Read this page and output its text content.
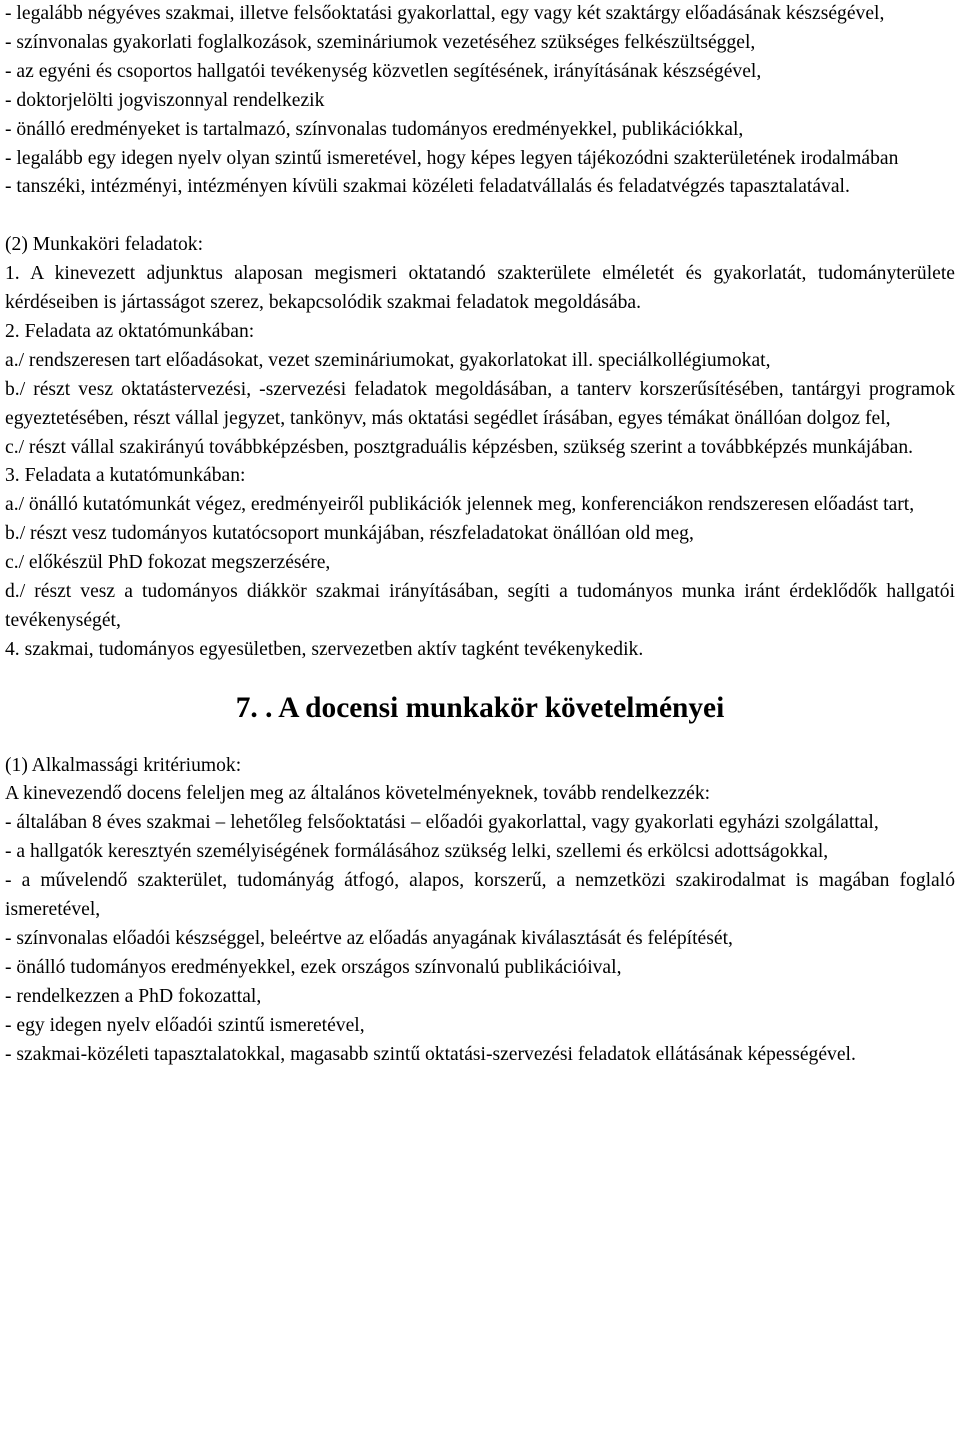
- legalább négyéves szakmai, illetve felsőoktatási gyakorlattal, egy vagy két szaktárgy előadásának készségével,

- színvonalas gyakorlati foglalkozások, szemináriumok vezetéséhez szükséges felkészültséggel,

- az egyéni és csoportos hallgatói tevékenység közvetlen segítésének, irányításának készségével,

- doktorjelölti jogviszonnyal rendelkezik

- önálló eredményeket is tartalmazó, színvonalas tudományos eredményekkel, publikációkkal,

- legalább egy idegen nyelv olyan szintű ismeretével, hogy képes legyen tájékozódni szakterületének irodalmában

- tanszéki, intézményi, intézményen kívüli szakmai közéleti feladatvállalás és feladatvégzés tapasztalatával.

(2) Munkaköri feladatok:

1. A kinevezett adjunktus alaposan megismeri oktatandó szakterülete elméletét és gyakorlatát, tudományterülete kérdéseiben is jártasságot szerez, bekapcsolódik szakmai feladatok megoldásába.

2. Feladata az oktatómunkában:

a./ rendszeresen tart előadásokat, vezet szemináriumokat, gyakorlatokat ill. speciálkollégiumokat,

b./ részt vesz oktatástervezési, -szervezési feladatok megoldásában, a tanterv korszerűsítésében, tantárgyi programok egyeztetésében, részt vállal jegyzet, tankönyv, más oktatási segédlet írásában, egyes témákat önállóan dolgoz fel,

c./ részt vállal szakirányú továbbképzésben, posztgraduális képzésben, szükség szerint a továbbképzés munkájában.

3. Feladata a kutatómunkában:

a./ önálló kutatómunkát végez, eredményeiről publikációk jelennek meg, konferenciákon rendszeresen előadást tart,

b./ részt vesz tudományos kutatócsoport munkájában, részfeladatokat önállóan old meg,

c./ előkészül PhD fokozat megszerzésére,

d./ részt vesz a tudományos diákkör szakmai irányításában, segíti a tudományos munka iránt érdeklődők hallgatói tevékenységét,

4. szakmai, tudományos egyesületben, szervezetben aktív tagként tevékenykedik.

7. . A docensi munkakör követelményei

(1) Alkalmassági kritériumok:

A kinevezendő docens feleljen meg az általános követelményeknek, tovább rendelkezzék:

- általában 8 éves szakmai ⎯ lehetőleg felsőoktatási ⎯ előadói gyakorlattal, vagy gyakorlati egyházi szolgálattal,

- a hallgatók keresztyén személyiségének formálásához szükség lelki, szellemi és erkölcsi adottságokkal,

- a művelendő szakterület, tudományág átfogó, alapos, korszerű, a nemzetközi szakirodalmat is magában foglaló ismeretével,

- színvonalas előadói készséggel, beleértve az előadás anyagának kiválasztását és felépítését,

- önálló tudományos eredményekkel, ezek országos színvonalú publikációival,

- rendelkezzen a PhD fokozattal,

- egy idegen nyelv előadói szintű ismeretével,

- szakmai-közéleti tapasztalatokkal, magasabb szintű oktatási-szervezési feladatok ellátásának képességével.
